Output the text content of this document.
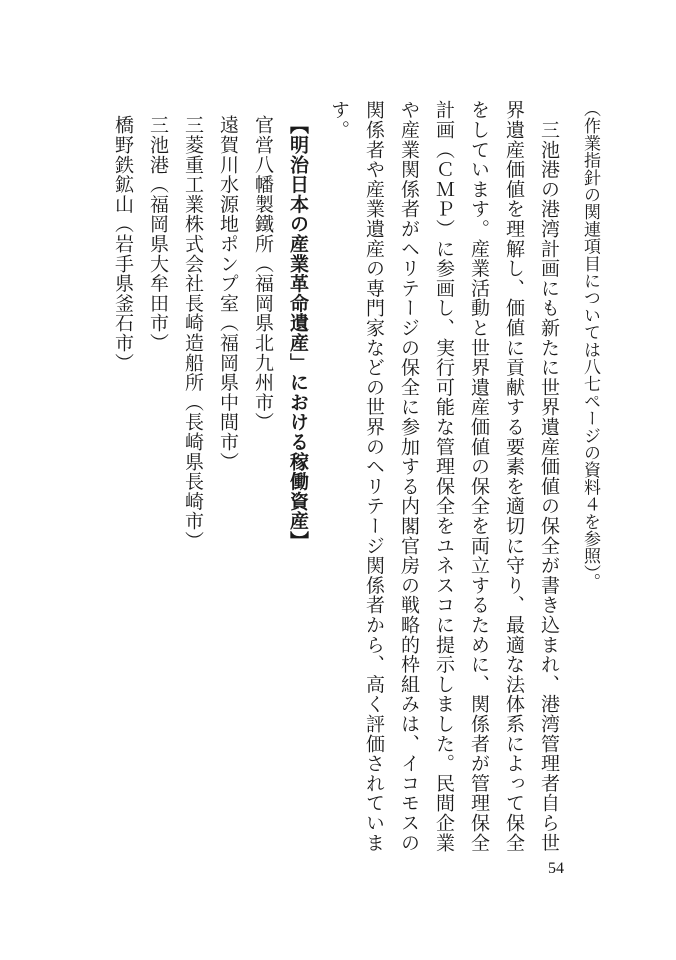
（作業指針の関連項目については八七ページの資料４を参照）。
　三池港の港湾計画にも新たに世界遺産価値の保全が書き込まれ、港湾管理者自ら世
界遺産価値を理解し、価値に貢献する要素を適切に守り、最適な法体系によって保全
をしています。産業活動と世界遺産価値の保全を両立するために、関係者が管理保全
計画（ＣＭＰ）に参画し、実行可能な管理保全をユネスコに提示しました。民間企業
や産業関係者がヘリテージの保全に参加する内閣官房の戦略的枠組みは、イコモスの
関係者や産業遺産の専門家などの世界のヘリテージ関係者から、高く評価されていま
す。
【明治日本の産業革命遺産」における稼働資産】
官営八幡製鐵所（福岡県北九州市）
遠賀川水源地ポンプ室（福岡県中間市）
三菱重工業株式会社長崎造船所（長崎県長崎市）
三池港（福岡県大牟田市）
橋野鉄鉱山（岩手県釜石市）
54
